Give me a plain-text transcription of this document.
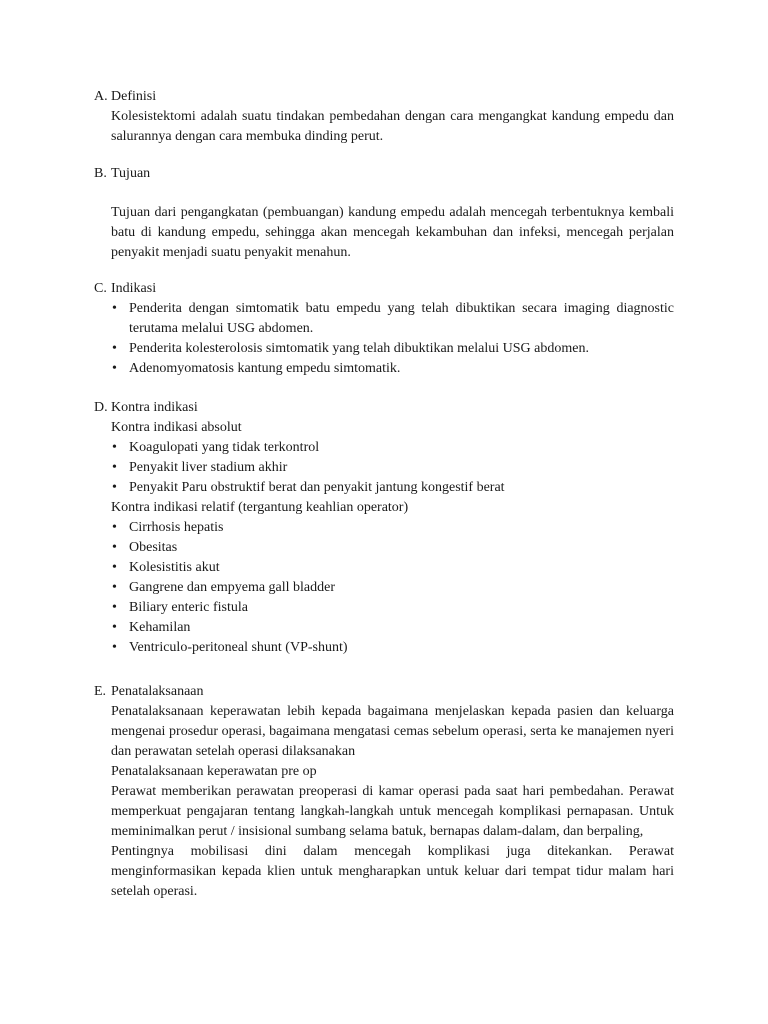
A. Definisi

Kolesistektomi adalah suatu tindakan pembedahan dengan cara mengangkat kandung empedu dan salurannya dengan cara membuka dinding perut.

B. Tujuan

Tujuan dari pengangkatan (pembuangan) kandung empedu adalah mencegah terbentuknya kembali batu di kandung empedu, sehingga akan mencegah kekambuhan dan infeksi, mencegah perjalan penyakit menjadi suatu penyakit menahun.

C. Indikasi
• Penderita dengan simtomatik batu empedu yang telah dibuktikan secara imaging diagnostic terutama melalui USG abdomen.
• Penderita kolesterolosis simtomatik yang telah dibuktikan melalui USG abdomen.
• Adenomyomatosis kantung empedu simtomatik.
D. Kontra indikasi

Kontra indikasi absolut

• Koagulopati yang tidak terkontrol
• Penyakit liver stadium akhir
• Penyakit Paru obstruktif berat dan penyakit jantung kongestif berat

Kontra indikasi relatif (tergantung keahlian operator)

• Cirrhosis hepatis
• Obesitas
• Kolesistitis akut
• Gangrene dan empyema gall bladder
• Biliary enteric fistula
• Kehamilan
• Ventriculo-peritoneal shunt (VP-shunt)
E. Penatalaksanaan

Penatalaksanaan keperawatan lebih kepada bagaimana menjelaskan kepada pasien dan keluarga mengenai prosedur operasi, bagaimana mengatasi cemas sebelum operasi, serta ke manajemen nyeri dan perawatan setelah operasi dilaksanakan

Penatalaksanaan keperawatan pre op

Perawat memberikan perawatan preoperasi di kamar operasi pada saat hari pembedahan. Perawat memperkuat pengajaran tentang langkah-langkah untuk mencegah komplikasi pernapasan. Untuk meminimalkan perut / insisional sumbang selama batuk, bernapas dalam-dalam, dan berpaling,

Pentingnya mobilisasi dini dalam mencegah komplikasi juga ditekankan. Perawat menginformasikan kepada klien untuk mengharapkan untuk keluar dari tempat tidur malam hari setelah operasi.
